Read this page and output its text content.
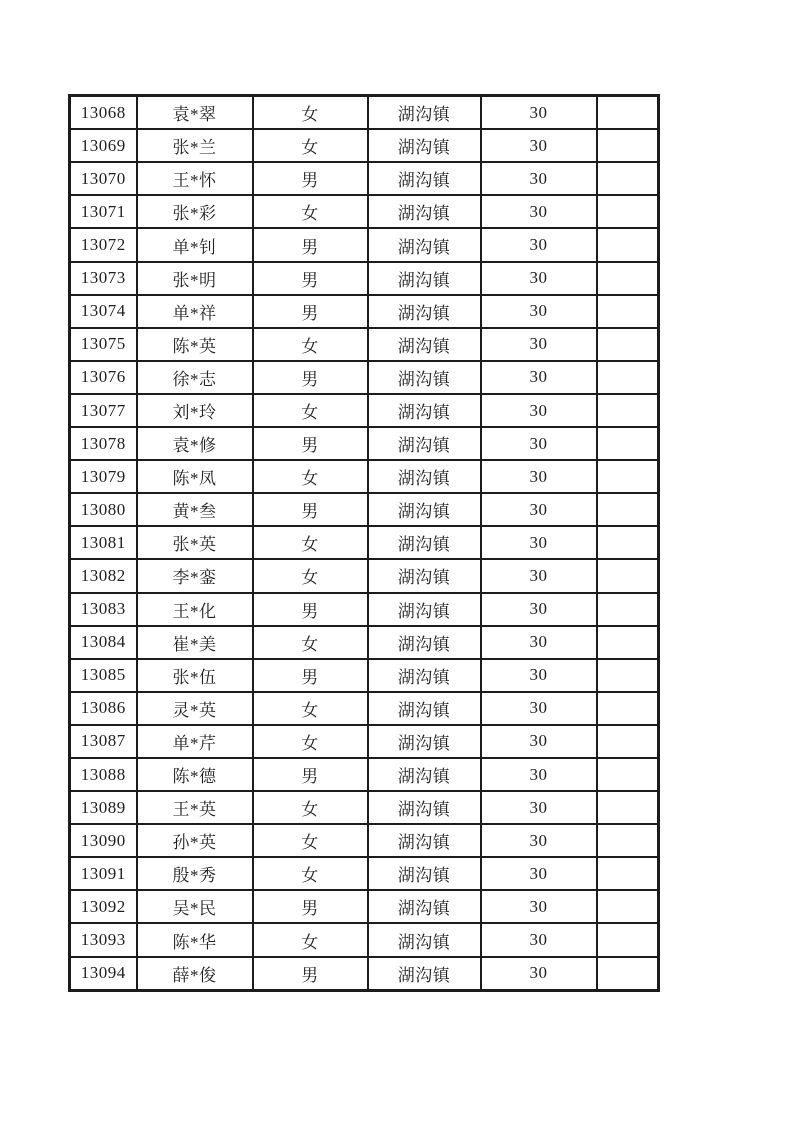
13068	袁*翠	女	湖沟镇	30	
13069	张*兰	女	湖沟镇	30	
13070	王*怀	男	湖沟镇	30	
13071	张*彩	女	湖沟镇	30	
13072	单*钊	男	湖沟镇	30	
13073	张*明	男	湖沟镇	30	
13074	单*祥	男	湖沟镇	30	
13075	陈*英	女	湖沟镇	30	
13076	徐*志	男	湖沟镇	30	
13077	刘*玲	女	湖沟镇	30	
13078	袁*修	男	湖沟镇	30	
13079	陈*凤	女	湖沟镇	30	
13080	黄*叁	男	湖沟镇	30	
13081	张*英	女	湖沟镇	30	
13082	李*銮	女	湖沟镇	30	
13083	王*化	男	湖沟镇	30	
13084	崔*美	女	湖沟镇	30	
13085	张*伍	男	湖沟镇	30	
13086	灵*英	女	湖沟镇	30	
13087	单*芹	女	湖沟镇	30	
13088	陈*德	男	湖沟镇	30	
13089	王*英	女	湖沟镇	30	
13090	孙*英	女	湖沟镇	30	
13091	殷*秀	女	湖沟镇	30	
13092	吴*民	男	湖沟镇	30	
13093	陈*华	女	湖沟镇	30	
13094	薛*俊	男	湖沟镇	30	
